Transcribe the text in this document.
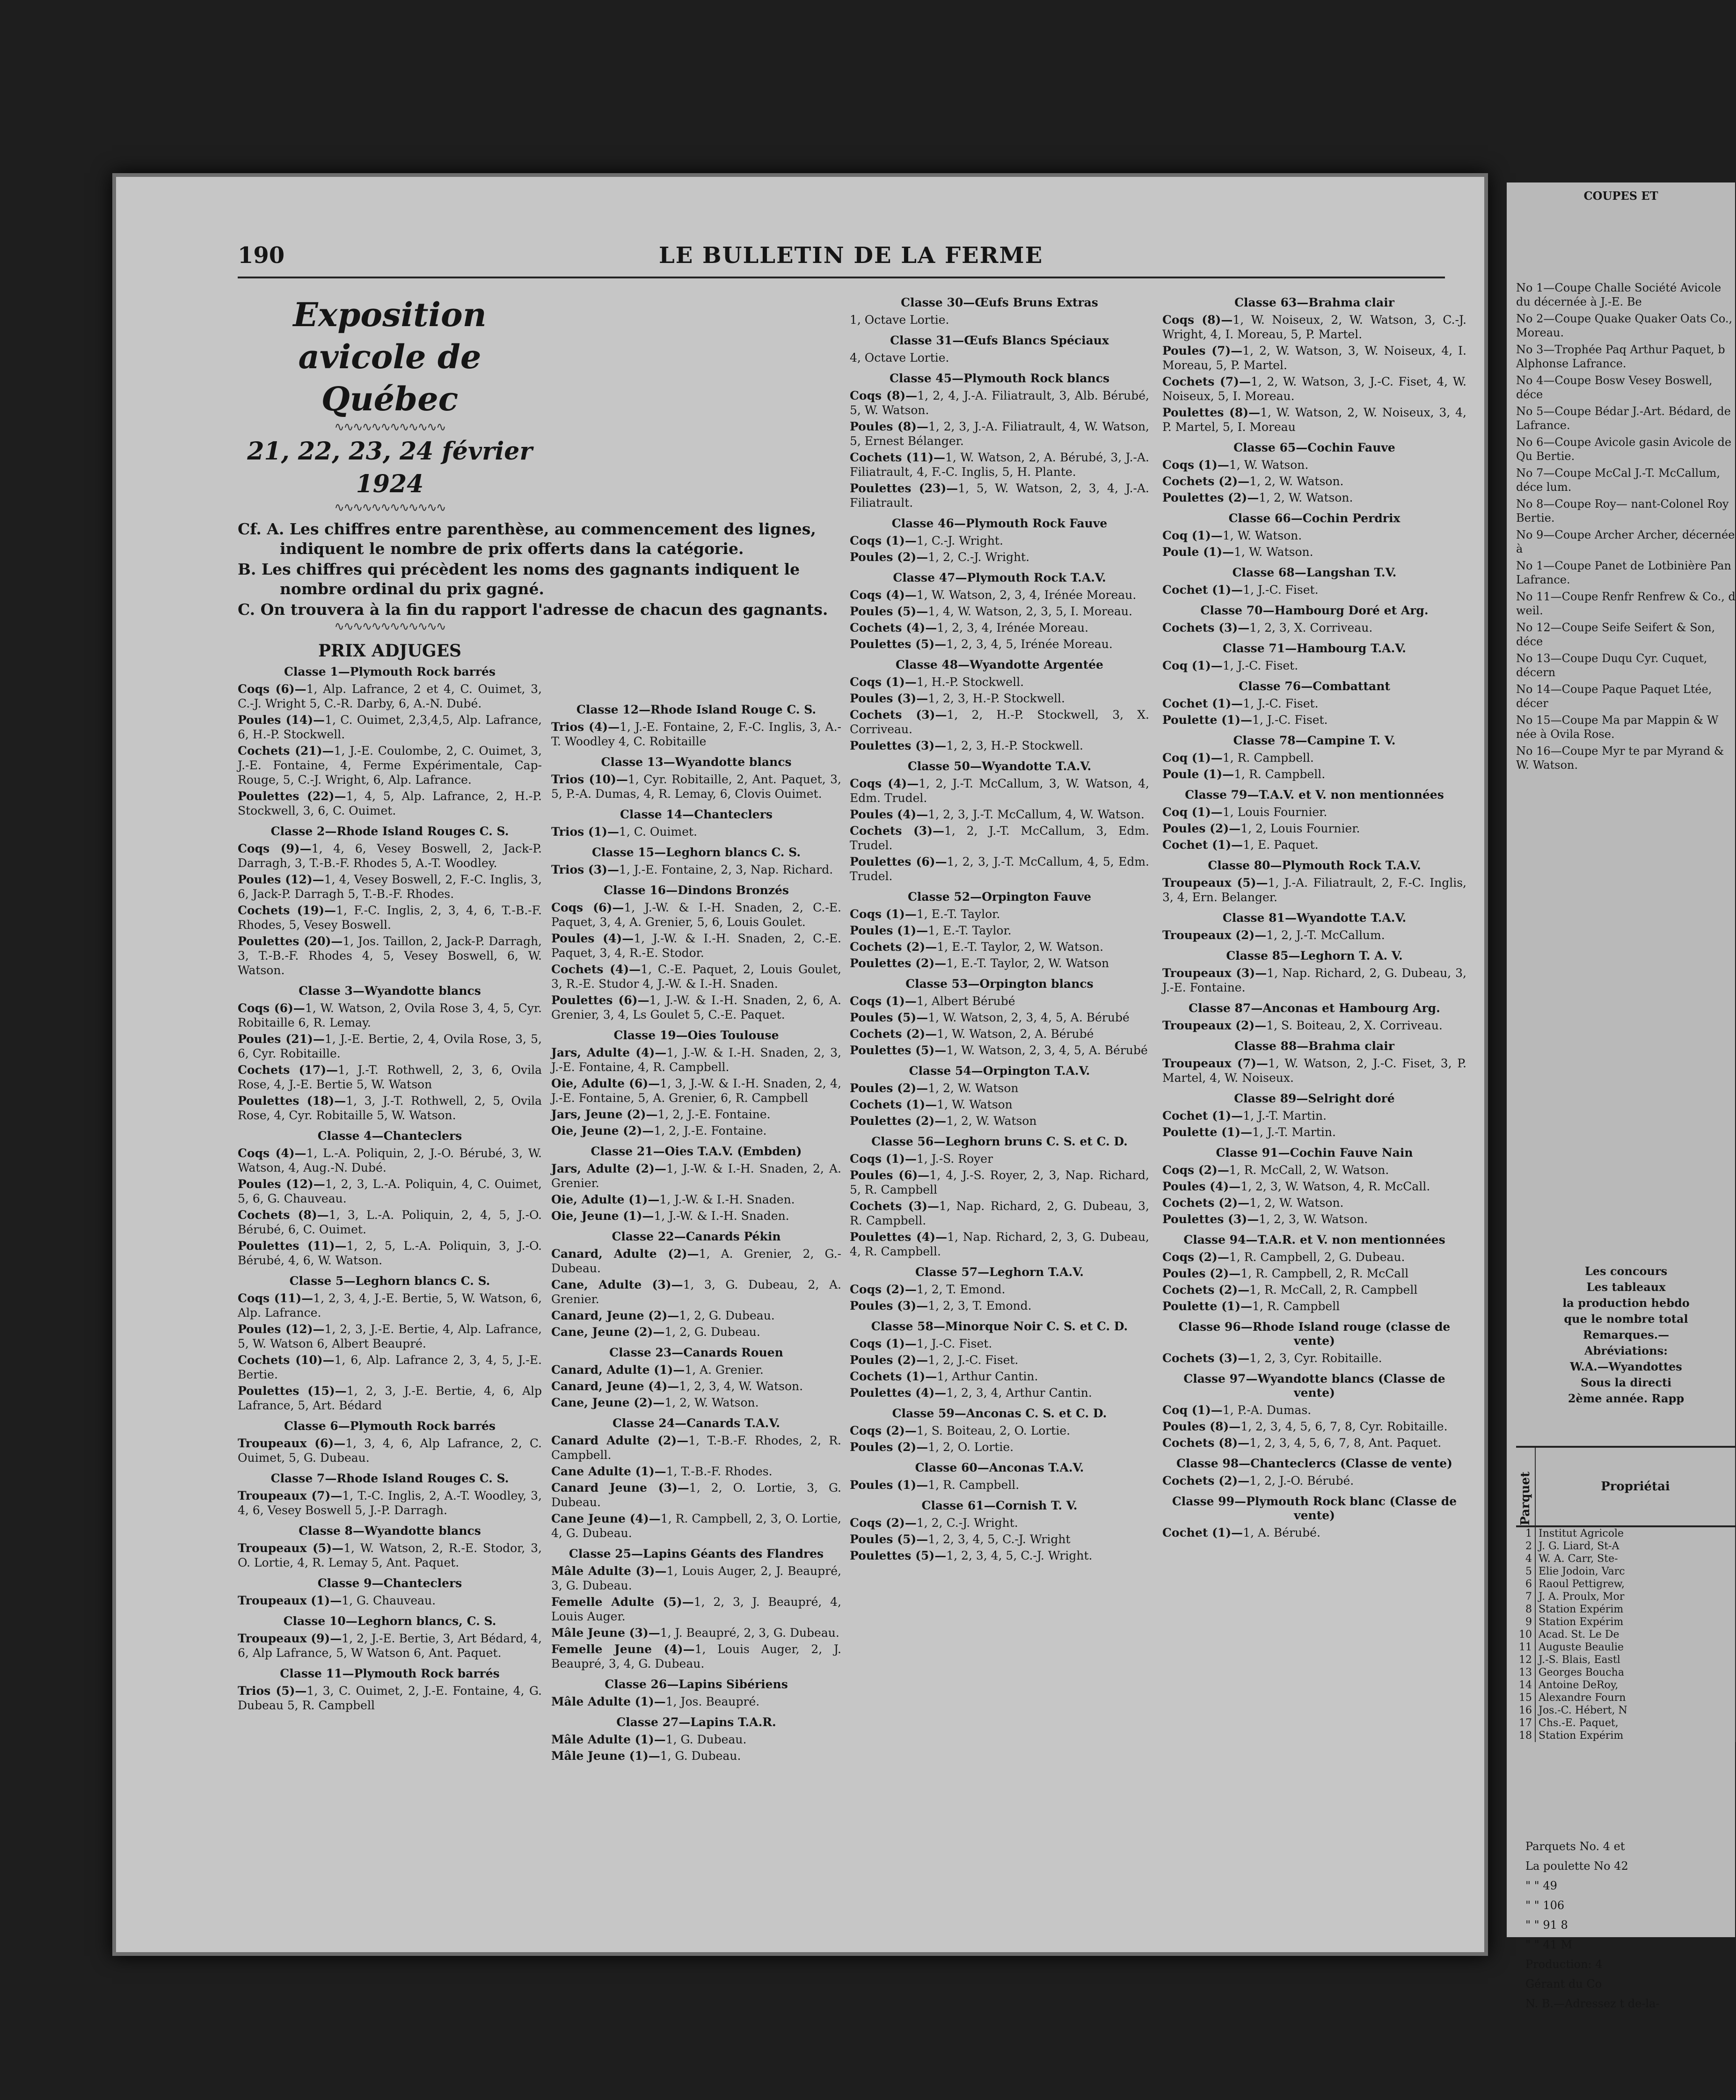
190	LE BULLETIN DE LA FERME
Exposition avicole de Québec
∿∿∿∿∿∿∿∿∿∿∿∿
21, 22, 23, 24 février 1924
∿∿∿∿∿∿∿∿∿∿∿∿
Cf. A. Les chiffres entre parenthèse, au commencement des lignes, indiquent le nombre de prix offerts dans la catégorie.
B. Les chiffres qui précèdent les noms des gagnants indiquent le nombre ordinal du prix gagné.
C. On trouvera à la fin du rapport l'adresse de chacun des gagnants.
∿∿∿∿∿∿∿∿∿∿∿∿
PRIX ADJUGES
Classe 1—Plymouth Rock barrés

Coqs (6)—1, Alp. Lafrance, 2 et 4, C. Ouimet, 3, C.-J. Wright 5, C.-R. Darby, 6, A.-N. Dubé.

Poules (14)—1, C. Ouimet, 2,3,4,5, Alp. Lafrance, 6, H.-P. Stockwell.

Cochets (21)—1, J.-E. Coulombe, 2, C. Ouimet, 3, J.-E. Fontaine, 4, Ferme Expérimentale, Cap-Rouge, 5, C.-J. Wright, 6, Alp. Lafrance.

Poulettes (22)—1, 4, 5, Alp. Lafrance, 2, H.-P. Stockwell, 3, 6, C. Ouimet.

Classe 2—Rhode Island Rouges C. S.

Coqs (9)—1, 4, 6, Vesey Boswell, 2, Jack-P. Darragh, 3, T.-B.-F. Rhodes 5, A.-T. Woodley.

Poules (12)—1, 4, Vesey Boswell, 2, F.-C. Inglis, 3, 6, Jack-P. Darragh 5, T.-B.-F. Rhodes.

Cochets (19)—1, F.-C. Inglis, 2, 3, 4, 6, T.-B.-F. Rhodes, 5, Vesey Boswell.

Poulettes (20)—1, Jos. Taillon, 2, Jack-P. Darragh, 3, T.-B.-F. Rhodes 4, 5, Vesey Boswell, 6, W. Watson.

Classe 3—Wyandotte blancs

Coqs (6)—1, W. Watson, 2, Ovila Rose 3, 4, 5, Cyr. Robitaille 6, R. Lemay.

Poules (21)—1, J.-E. Bertie, 2, 4, Ovila Rose, 3, 5, 6, Cyr. Robitaille.

Cochets (17)—1, J.-T. Rothwell, 2, 3, 6, Ovila Rose, 4, J.-E. Bertie 5, W. Watson

Poulettes (18)—1, 3, J.-T. Rothwell, 2, 5, Ovila Rose, 4, Cyr. Robitaille 5, W. Watson.

Classe 4—Chanteclers

Coqs (4)—1, L.-A. Poliquin, 2, J.-O. Bérubé, 3, W. Watson, 4, Aug.-N. Dubé.

Poules (12)—1, 2, 3, L.-A. Poliquin, 4, C. Ouimet, 5, 6, G. Chauveau.

Cochets (8)—1, 3, L.-A. Poliquin, 2, 4, 5, J.-O. Bérubé, 6, C. Ouimet.

Poulettes (11)—1, 2, 5, L.-A. Poliquin, 3, J.-O. Bérubé, 4, 6, W. Watson.

Classe 5—Leghorn blancs C. S.

Coqs (11)—1, 2, 3, 4, J.-E. Bertie, 5, W. Watson, 6, Alp. Lafrance.

Poules (12)—1, 2, 3, J.-E. Bertie, 4, Alp. Lafrance, 5, W. Watson 6, Albert Beaupré.

Cochets (10)—1, 6, Alp. Lafrance 2, 3, 4, 5, J.-E. Bertie.

Poulettes (15)—1, 2, 3, J.-E. Bertie, 4, 6, Alp Lafrance, 5, Art. Bédard

Classe 6—Plymouth Rock barrés

Troupeaux (6)—1, 3, 4, 6, Alp Lafrance, 2, C. Ouimet, 5, G. Dubeau.

Classe 7—Rhode Island Rouges C. S.

Troupeaux (7)—1, T.-C. Inglis, 2, A.-T. Woodley, 3, 4, 6, Vesey Boswell 5, J.-P. Darragh.

Classe 8—Wyandotte blancs

Troupeaux (5)—1, W. Watson, 2, R.-E. Stodor, 3, O. Lortie, 4, R. Lemay 5, Ant. Paquet.

Classe 9—Chanteclers

Troupeaux (1)—1, G. Chauveau.

Classe 10—Leghorn blancs, C. S.

Troupeaux (9)—1, 2, J.-E. Bertie, 3, Art Bédard, 4, 6, Alp Lafrance, 5, W Watson 6, Ant. Paquet.

Classe 11—Plymouth Rock barrés

Trios (5)—1, 3, C. Ouimet, 2, J.-E. Fontaine, 4, G. Dubeau 5, R. Campbell

Classe 12—Rhode Island Rouge C. S.

Trios (4)—1, J.-E. Fontaine, 2, F.-C. Inglis, 3, A.-T. Woodley 4, C. Robitaille

Classe 13—Wyandotte blancs

Trios (10)—1, Cyr. Robitaille, 2, Ant. Paquet, 3, 5, P.-A. Dumas, 4, R. Lemay, 6, Clovis Ouimet.

Classe 14—Chanteclers

Trios (1)—1, C. Ouimet.

Classe 15—Leghorn blancs C. S.

Trios (3)—1, J.-E. Fontaine, 2, 3, Nap. Richard.

Classe 16—Dindons Bronzés

Coqs (6)—1, J.-W. & I.-H. Snaden, 2, C.-E. Paquet, 3, 4, A. Grenier, 5, 6, Louis Goulet.

Poules (4)—1, J.-W. & I.-H. Snaden, 2, C.-E. Paquet, 3, 4, R.-E. Stodor.

Cochets (4)—1, C.-E. Paquet, 2, Louis Goulet, 3, R.-E. Studor 4, J.-W. & I.-H. Snaden.

Poulettes (6)—1, J.-W. & I.-H. Snaden, 2, 6, A. Grenier, 3, 4, Ls Goulet 5, C.-E. Paquet.

Classe 19—Oies Toulouse

Jars, Adulte (4)—1, J.-W. & I.-H. Snaden, 2, 3, J.-E. Fontaine, 4, R. Campbell.

Oie, Adulte (6)—1, 3, J.-W. & I.-H. Snaden, 2, 4, J.-E. Fontaine, 5, A. Grenier, 6, R. Campbell

Jars, Jeune (2)—1, 2, J.-E. Fontaine.

Oie, Jeune (2)—1, 2, J.-E. Fontaine.

Classe 21—Oies T.A.V. (Embden)

Jars, Adulte (2)—1, J.-W. & I.-H. Snaden, 2, A. Grenier.

Oie, Adulte (1)—1, J.-W. & I.-H. Snaden.

Oie, Jeune (1)—1, J.-W. & I.-H. Snaden.

Classe 22—Canards Pékin

Canard, Adulte (2)—1, A. Grenier, 2, G.-Dubeau.

Cane, Adulte (3)—1, 3, G. Dubeau, 2, A. Grenier.

Canard, Jeune (2)—1, 2, G. Dubeau.

Cane, Jeune (2)—1, 2, G. Dubeau.

Classe 23—Canards Rouen

Canard, Adulte (1)—1, A. Grenier.

Canard, Jeune (4)—1, 2, 3, 4, W. Watson.

Cane, Jeune (2)—1, 2, W. Watson.

Classe 24—Canards T.A.V.

Canard Adulte (2)—1, T.-B.-F. Rhodes, 2, R. Campbell.

Cane Adulte (1)—1, T.-B.-F. Rhodes.

Canard Jeune (3)—1, 2, O. Lortie, 3, G. Dubeau.

Cane Jeune (4)—1, R. Campbell, 2, 3, O. Lortie, 4, G. Dubeau.

Classe 25—Lapins Géants des Flandres

Mâle Adulte (3)—1, Louis Auger, 2, J. Beaupré, 3, G. Dubeau.

Femelle Adulte (5)—1, 2, 3, J. Beaupré, 4, Louis Auger.

Mâle Jeune (3)—1, J. Beaupré, 2, 3, G. Dubeau.

Femelle Jeune (4)—1, Louis Auger, 2, J. Beaupré, 3, 4, G. Dubeau.

Classe 26—Lapins Sibériens

Mâle Adulte (1)—1, Jos. Beaupré.

Classe 27—Lapins T.A.R.

Mâle Adulte (1)—1, G. Dubeau.

Mâle Jeune (1)—1, G. Dubeau.

Classe 30—Œufs Bruns Extras

1, Octave Lortie.

Classe 31—Œufs Blancs Spéciaux

4, Octave Lortie.

Classe 45—Plymouth Rock blancs

Coqs (8)—1, 2, 4, J.-A. Filiatrault, 3, Alb. Bérubé, 5, W. Watson.

Poules (8)—1, 2, 3, J.-A. Filiatrault, 4, W. Watson, 5, Ernest Bélanger.

Cochets (11)—1, W. Watson, 2, A. Bérubé, 3, J.-A. Filiatrault, 4, F.-C. Inglis, 5, H. Plante.

Poulettes (23)—1, 5, W. Watson, 2, 3, 4, J.-A. Filiatrault.

Classe 46—Plymouth Rock Fauve

Coqs (1)—1, C.-J. Wright.

Poules (2)—1, 2, C.-J. Wright.

Classe 47—Plymouth Rock T.A.V.

Coqs (4)—1, W. Watson, 2, 3, 4, Irénée Moreau.

Poules (5)—1, 4, W. Watson, 2, 3, 5, I. Moreau.

Cochets (4)—1, 2, 3, 4, Irénée Moreau.

Poulettes (5)—1, 2, 3, 4, 5, Irénée Moreau.

Classe 48—Wyandotte Argentée

Coqs (1)—1, H.-P. Stockwell.

Poules (3)—1, 2, 3, H.-P. Stockwell.

Cochets (3)—1, 2, H.-P. Stockwell, 3, X. Corriveau.

Poulettes (3)—1, 2, 3, H.-P. Stockwell.

Classe 50—Wyandotte T.A.V.

Coqs (4)—1, 2, J.-T. McCallum, 3, W. Watson, 4, Edm. Trudel.

Poules (4)—1, 2, 3, J.-T. McCallum, 4, W. Watson.

Cochets (3)—1, 2, J.-T. McCallum, 3, Edm. Trudel.

Poulettes (6)—1, 2, 3, J.-T. McCallum, 4, 5, Edm. Trudel.

Classe 52—Orpington Fauve

Coqs (1)—1, E.-T. Taylor.

Poules (1)—1, E.-T. Taylor.

Cochets (2)—1, E.-T. Taylor, 2, W. Watson.

Poulettes (2)—1, E.-T. Taylor, 2, W. Watson

Classe 53—Orpington blancs

Coqs (1)—1, Albert Bérubé

Poules (5)—1, W. Watson, 2, 3, 4, 5, A. Bérubé

Cochets (2)—1, W. Watson, 2, A. Bérubé

Poulettes (5)—1, W. Watson, 2, 3, 4, 5, A. Bérubé

Classe 54—Orpington T.A.V.

Poules (2)—1, 2, W. Watson

Cochets (1)—1, W. Watson

Poulettes (2)—1, 2, W. Watson

Classe 56—Leghorn bruns C. S. et C. D.

Coqs (1)—1, J.-S. Royer

Poules (6)—1, 4, J.-S. Royer, 2, 3, Nap. Richard, 5, R. Campbell

Cochets (3)—1, Nap. Richard, 2, G. Dubeau, 3, R. Campbell.

Poulettes (4)—1, Nap. Richard, 2, 3, G. Dubeau, 4, R. Campbell.

Classe 57—Leghorn T.A.V.

Coqs (2)—1, 2, T. Emond.

Poules (3)—1, 2, 3, T. Emond.

Classe 58—Minorque Noir C. S. et C. D.

Coqs (1)—1, J.-C. Fiset.

Poules (2)—1, 2, J.-C. Fiset.

Cochets (1)—1, Arthur Cantin.

Poulettes (4)—1, 2, 3, 4, Arthur Cantin.

Classe 59—Anconas C. S. et C. D.

Coqs (2)—1, S. Boiteau, 2, O. Lortie.

Poules (2)—1, 2, O. Lortie.

Classe 60—Anconas T.A.V.

Poules (1)—1, R. Campbell.

Classe 61—Cornish T. V.

Coqs (2)—1, 2, C.-J. Wright.

Poules (5)—1, 2, 3, 4, 5, C.-J. Wright

Poulettes (5)—1, 2, 3, 4, 5, C.-J. Wright.

Classe 63—Brahma clair

Coqs (8)—1, W. Noiseux, 2, W. Watson, 3, C.-J. Wright, 4, I. Moreau, 5, P. Martel.

Poules (7)—1, 2, W. Watson, 3, W. Noiseux, 4, I. Moreau, 5, P. Martel.

Cochets (7)—1, 2, W. Watson, 3, J.-C. Fiset, 4, W. Noiseux, 5, I. Moreau.

Poulettes (8)—1, W. Watson, 2, W. Noiseux, 3, 4, P. Martel, 5, I. Moreau

Classe 65—Cochin Fauve

Coqs (1)—1, W. Watson.

Cochets (2)—1, 2, W. Watson.

Poulettes (2)—1, 2, W. Watson.

Classe 66—Cochin Perdrix

Coq (1)—1, W. Watson.

Poule (1)—1, W. Watson.

Classe 68—Langshan T.V.

Cochet (1)—1, J.-C. Fiset.

Classe 70—Hambourg Doré et Arg.

Cochets (3)—1, 2, 3, X. Corriveau.

Classe 71—Hambourg T.A.V.

Coq (1)—1, J.-C. Fiset.

Classe 76—Combattant

Cochet (1)—1, J.-C. Fiset.

Poulette (1)—1, J.-C. Fiset.

Classe 78—Campine T. V.

Coq (1)—1, R. Campbell.

Poule (1)—1, R. Campbell.

Classe 79—T.A.V. et V. non mentionnées

Coq (1)—1, Louis Fournier.

Poules (2)—1, 2, Louis Fournier.

Cochet (1)—1, E. Paquet.

Classe 80—Plymouth Rock T.A.V.

Troupeaux (5)—1, J.-A. Filiatrault, 2, F.-C. Inglis, 3, 4, Ern. Belanger.

Classe 81—Wyandotte T.A.V.

Troupeaux (2)—1, 2, J.-T. McCallum.

Classe 85—Leghorn T. A. V.

Troupeaux (3)—1, Nap. Richard, 2, G. Dubeau, 3, J.-E. Fontaine.

Classe 87—Anconas et Hambourg Arg.

Troupeaux (2)—1, S. Boiteau, 2, X. Corriveau.

Classe 88—Brahma clair

Troupeaux (7)—1, W. Watson, 2, J.-C. Fiset, 3, P. Martel, 4, W. Noiseux.

Classe 89—Selright doré

Cochet (1)—1, J.-T. Martin.

Poulette (1)—1, J.-T. Martin.

Classe 91—Cochin Fauve Nain

Coqs (2)—1, R. McCall, 2, W. Watson.

Poules (4)—1, 2, 3, W. Watson, 4, R. McCall.

Cochets (2)—1, 2, W. Watson.

Poulettes (3)—1, 2, 3, W. Watson.

Classe 94—T.A.R. et V. non mentionnées

Coqs (2)—1, R. Campbell, 2, G. Dubeau.

Poules (2)—1, R. Campbell, 2, R. McCall

Cochets (2)—1, R. McCall, 2, R. Campbell

Poulette (1)—1, R. Campbell

Classe 96—Rhode Island rouge (classe de vente)

Cochets (3)—1, 2, 3, Cyr. Robitaille.

Classe 97—Wyandotte blancs (Classe de vente)

Coq (1)—1, P.-A. Dumas.

Poules (8)—1, 2, 3, 4, 5, 6, 7, 8, Cyr. Robitaille.

Cochets (8)—1, 2, 3, 4, 5, 6, 7, 8, Ant. Paquet.

Classe 98—Chanteclercs (Classe de vente)

Cochets (2)—1, 2, J.-O. Bérubé.

Classe 99—Plymouth Rock blanc (Classe de vente)

Cochet (1)—1, A. Bérubé.

COUPES ET

No 1—Coupe Challe Société Avicole du décernée à J.-E. Be

No 2—Coupe Quake Quaker Oats Co., Moreau.

No 3—Trophée Paq Arthur Paquet, b Alphonse Lafrance.

No 4—Coupe Bosw Vesey Boswell, déce

No 5—Coupe Bédar J.-Art. Bédard, de Lafrance.

No 6—Coupe Avicole gasin Avicole de Qu Bertie.

No 7—Coupe McCal J.-T. McCallum, déce lum.

No 8—Coupe Roy— nant-Colonel Roy Bertie.

No 9—Coupe Archer Archer, décernée à

No 1—Coupe Panet de Lotbinière Pan Lafrance.

No 11—Coupe Renfr Renfrew & Co., d weil.

No 12—Coupe Seife Seifert & Son, déce

No 13—Coupe Duqu Cyr. Cuquet, décern

No 14—Coupe Paque Paquet Ltée, décer

No 15—Coupe Ma par Mappin & W née à Ovila Rose.

No 16—Coupe Myr te par Myrand & W. Watson.

Les concours
Les tableaux
la production hebdo
que le nombre total
Remarques.—
Abréviations:
W.A.—Wyandottes
Sous la directi
2ème année. Rapp
Parquet	Propriétai
1	Institut Agricole
2	J. G. Liard, St-A
4	W. A. Carr, Ste-
5	Elie Jodoin, Varc
6	Raoul Pettigrew,
7	J. A. Proulx, Mor
8	Station Expérim
9	Station Expérim
10	Acad. St. Le De
11	Auguste Beaulie
12	J.-S. Blais, Eastl
13	Georges Boucha
14	Antoine DeRoy,
15	Alexandre Fourn
16	Jos.-C. Hébert, N
17	Chs.-E. Paquet,
18	Station Expérim

Parquets No. 4 et

La poulette No 42

" " 49

" " 106

" " 91 8

" " 41 M

Production: 4

Gérant du Co

N. B.—Adressez t de-la-
